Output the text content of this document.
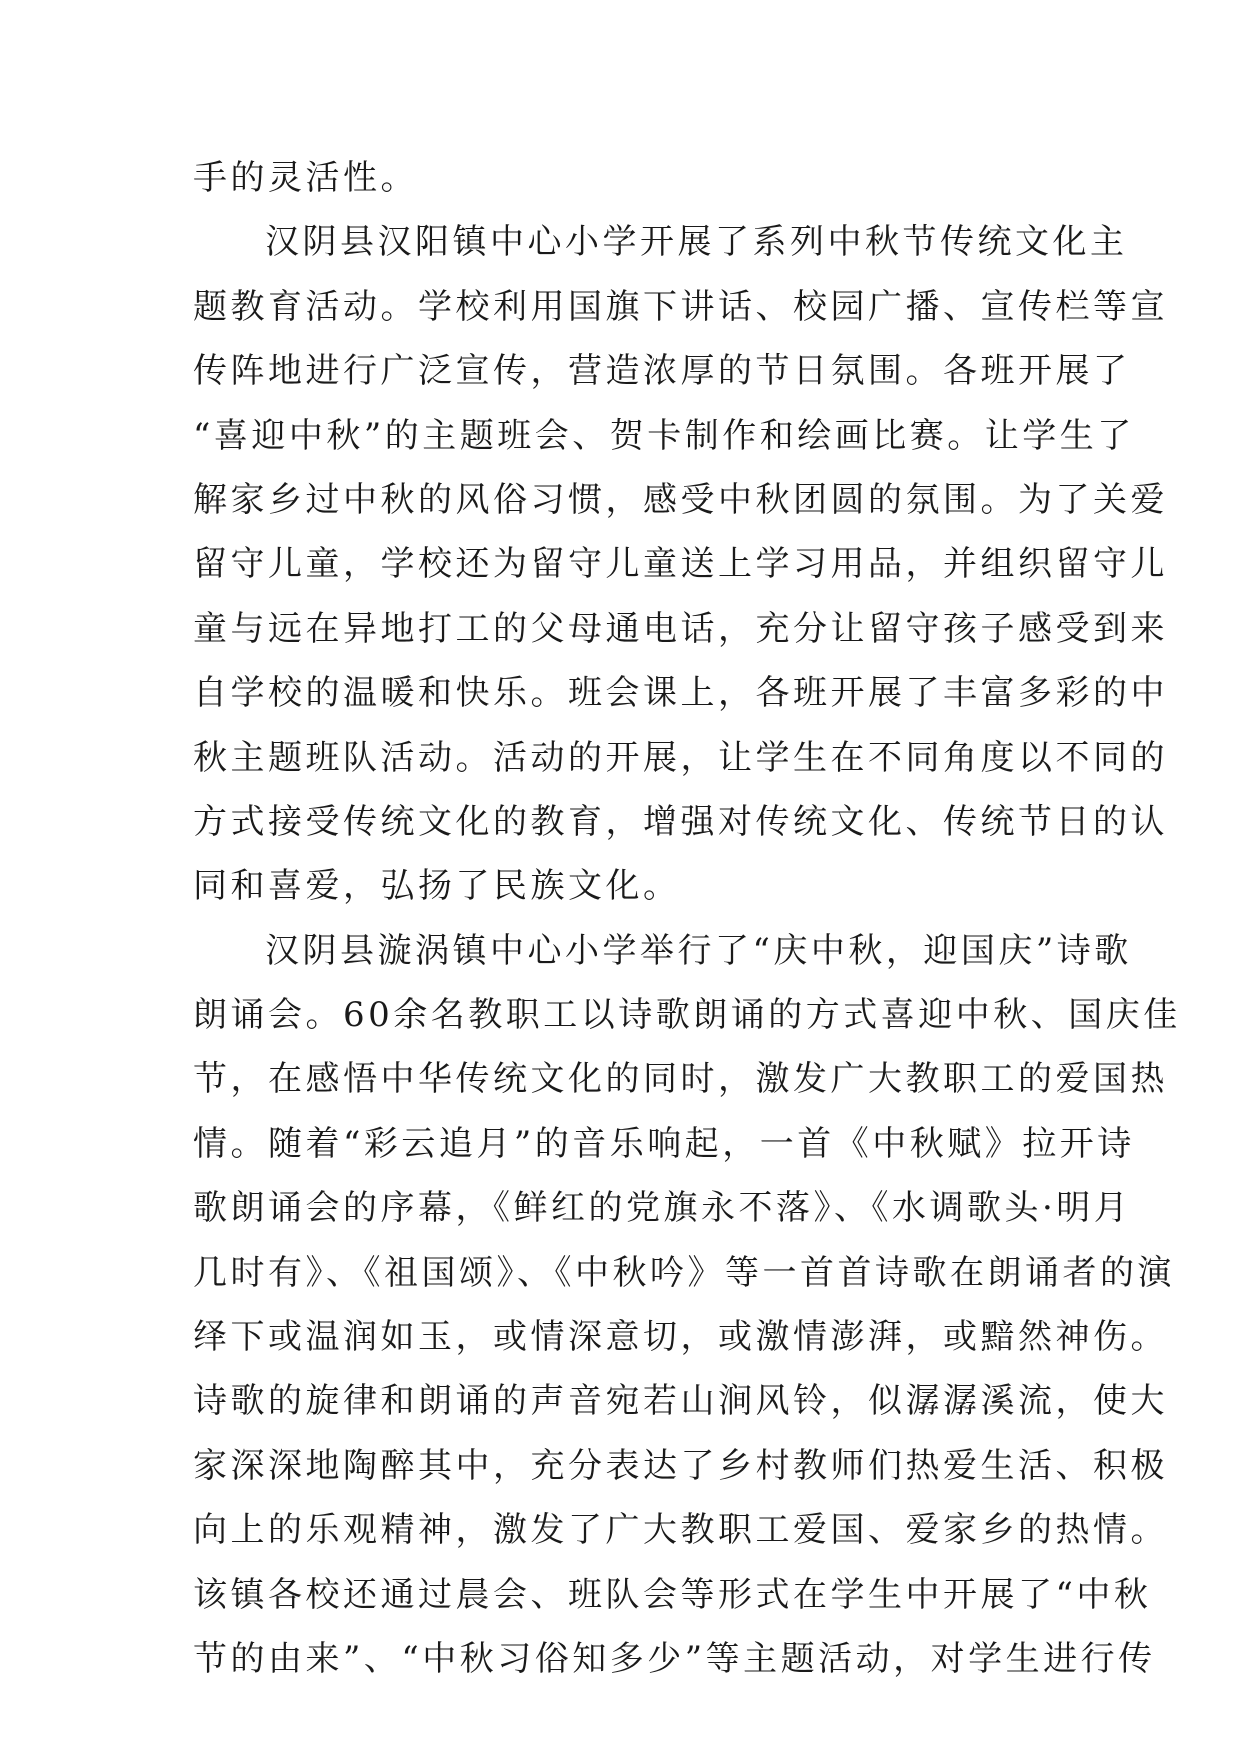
手的灵活性。
汉阴县汉阳镇中心小学开展了系列中秋节传统文化主
题教育活动。学校利用国旗下讲话、校园广播、宣传栏等宣
传阵地进行广泛宣传，营造浓厚的节日氛围。各班开展了
“喜迎中秋”的主题班会、贺卡制作和绘画比赛。让学生了
解家乡过中秋的风俗习惯，感受中秋团圆的氛围。为了关爱
留守儿童，学校还为留守儿童送上学习用品，并组织留守儿
童与远在异地打工的父母通电话，充分让留守孩子感受到来
自学校的温暖和快乐。班会课上，各班开展了丰富多彩的中
秋主题班队活动。活动的开展，让学生在不同角度以不同的
方式接受传统文化的教育，增强对传统文化、传统节日的认
同和喜爱，弘扬了民族文化。
汉阴县漩涡镇中心小学举行了“庆中秋，迎国庆”诗歌
朗诵会。60余名教职工以诗歌朗诵的方式喜迎中秋、国庆佳
节，在感悟中华传统文化的同时，激发广大教职工的爱国热
情。随着“彩云追月”的音乐响起，一首《中秋赋》拉开诗
歌朗诵会的序幕，《鲜红的党旗永不落》、《水调歌头·明月
几时有》、《祖国颂》、《中秋吟》等一首首诗歌在朗诵者的演
绎下或温润如玉，或情深意切，或激情澎湃，或黯然神伤。
诗歌的旋律和朗诵的声音宛若山涧风铃，似潺潺溪流，使大
家深深地陶醉其中，充分表达了乡村教师们热爱生活、积极
向上的乐观精神，激发了广大教职工爱国、爱家乡的热情。
该镇各校还通过晨会、班队会等形式在学生中开展了“中秋
节的由来”、“中秋习俗知多少”等主题活动，对学生进行传
